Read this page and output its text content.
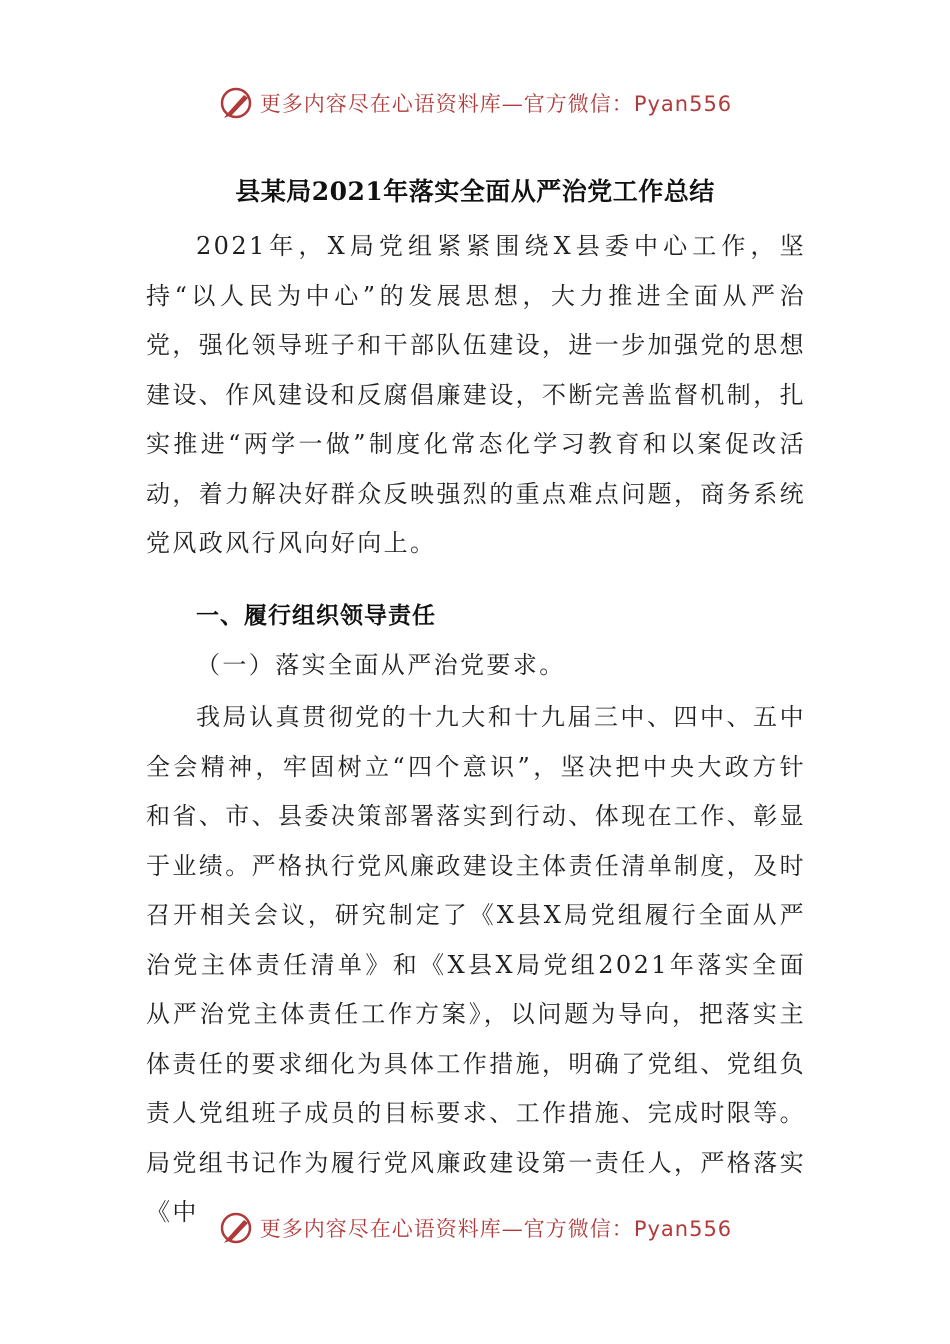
更多内容尽在心语资料库—官方微信：Pyan556
县某局2021年落实全面从严治党工作总结
2021年，X局党组紧紧围绕X县委中心工作，坚持“以人民为中心”的发展思想，大力推进全面从严治党，强化领导班子和干部队伍建设，进一步加强党的思想建设、作风建设和反腐倡廉建设，不断完善监督机制，扎实推进“两学一做”制度化常态化学习教育和以案促改活动，着力解决好群众反映强烈的重点难点问题，商务系统党风政风行风向好向上。
一、履行组织领导责任
（一）落实全面从严治党要求。
我局认真贯彻党的十九大和十九届三中、四中、五中全会精神，牢固树立“四个意识”，坚决把中央大政方针和省、市、县委决策部署落实到行动、体现在工作、彰显于业绩。严格执行党风廉政建设主体责任清单制度，及时召开相关会议，研究制定了《X县X局党组履行全面从严治党主体责任清单》和《X县X局党组2021年落实全面从严治党主体责任工作方案》，以问题为导向，把落实主体责任的要求细化为具体工作措施，明确了党组、党组负责人党组班子成员的目标要求、工作措施、完成时限等。局党组书记作为履行党风廉政建设第一责任人，严格落实《中
更多内容尽在心语资料库—官方微信：Pyan556
